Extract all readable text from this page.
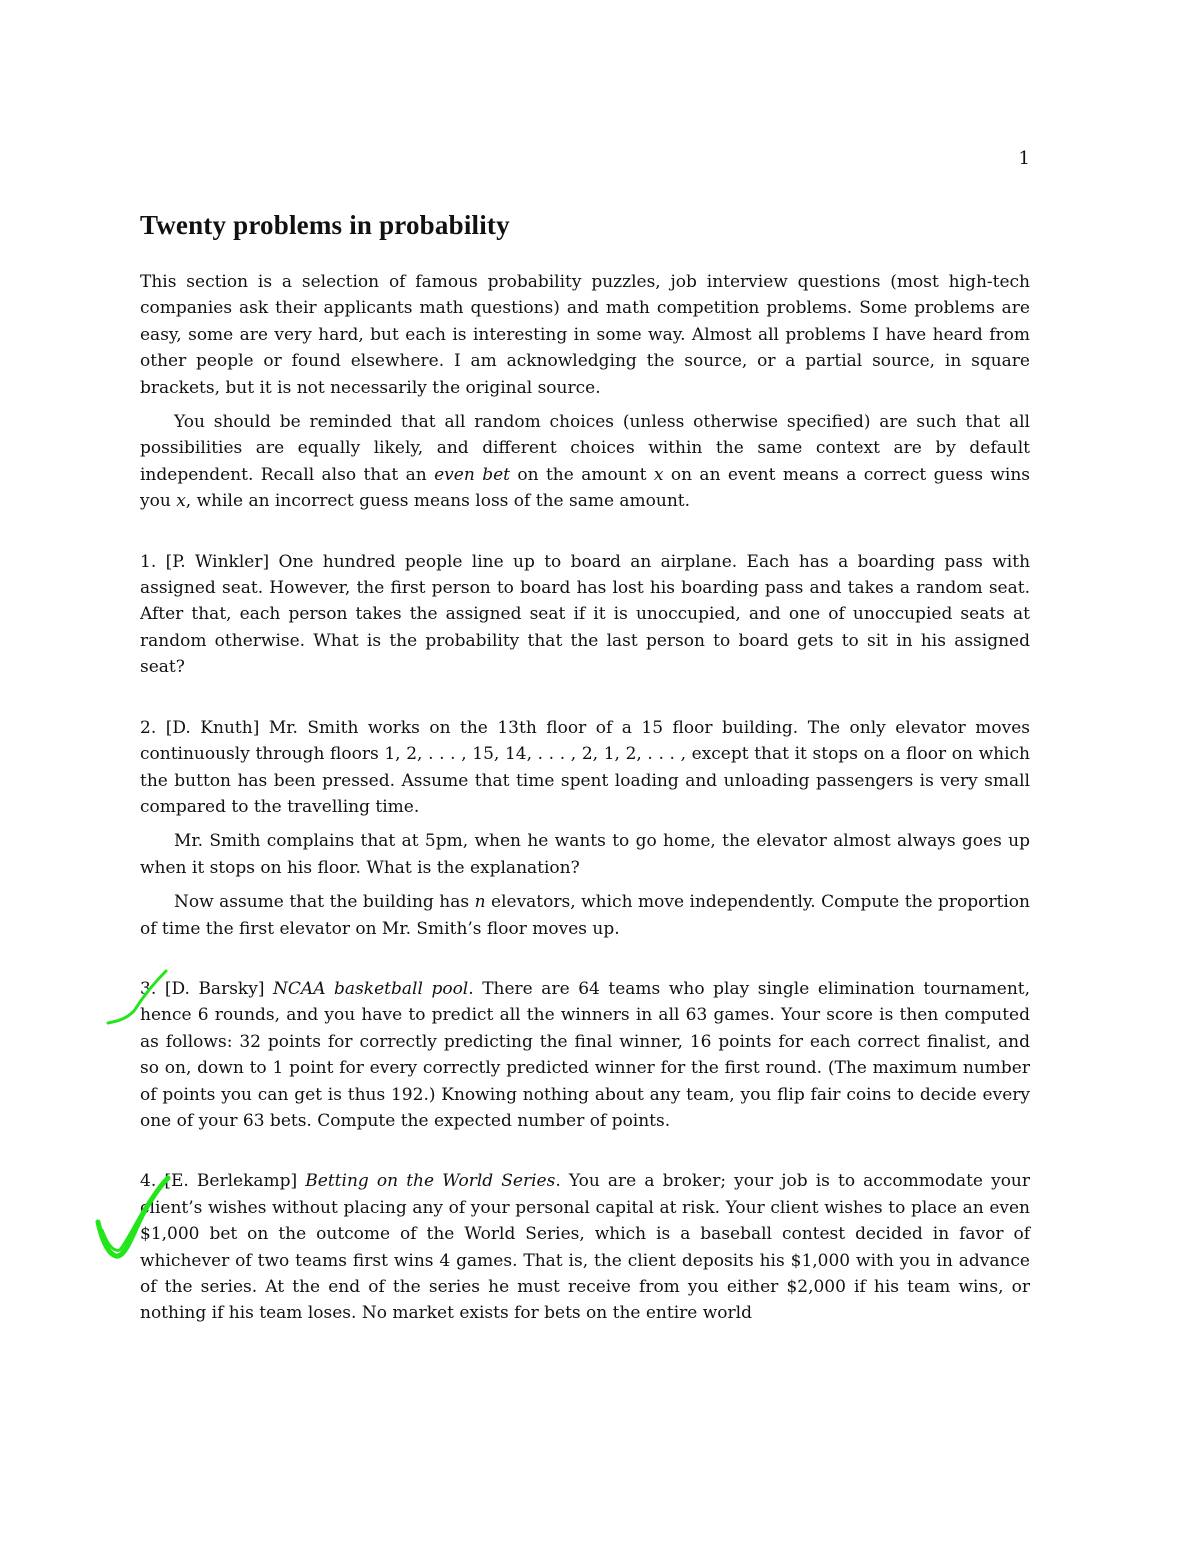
1
Twenty problems in probability

This section is a selection of famous probability puzzles, job interview questions (most high-tech companies ask their applicants math questions) and math competition problems. Some problems are easy, some are very hard, but each is interesting in some way. Almost all problems I have heard from other people or found elsewhere. I am acknowledging the source, or a partial source, in square brackets, but it is not necessarily the original source.

You should be reminded that all random choices (unless otherwise specified) are such that all possibilities are equally likely, and different choices within the same context are by default independent. Recall also that an even bet on the amount x on an event means a correct guess wins you x, while an incorrect guess means loss of the same amount.

1. [P. Winkler] One hundred people line up to board an airplane. Each has a boarding pass with assigned seat. However, the first person to board has lost his boarding pass and takes a random seat. After that, each person takes the assigned seat if it is unoccupied, and one of unoccupied seats at random otherwise. What is the probability that the last person to board gets to sit in his assigned seat?

2. [D. Knuth] Mr. Smith works on the 13th floor of a 15 floor building. The only elevator moves continuously through floors 1, 2, . . . , 15, 14, . . . , 2, 1, 2, . . . , except that it stops on a floor on which the button has been pressed. Assume that time spent loading and unloading passengers is very small compared to the travelling time.

Mr. Smith complains that at 5pm, when he wants to go home, the elevator almost always goes up when it stops on his floor. What is the explanation?

Now assume that the building has n elevators, which move independently. Compute the proportion of time the first elevator on Mr. Smith’s floor moves up.

3. [D. Barsky] NCAA basketball pool. There are 64 teams who play single elimination tournament, hence 6 rounds, and you have to predict all the winners in all 63 games. Your score is then computed as follows: 32 points for correctly predicting the final winner, 16 points for each correct finalist, and so on, down to 1 point for every correctly predicted winner for the first round. (The maximum number of points you can get is thus 192.) Knowing nothing about any team, you flip fair coins to decide every one of your 63 bets. Compute the expected number of points.

4. [E. Berlekamp] Betting on the World Series. You are a broker; your job is to accommodate your client’s wishes without placing any of your personal capital at risk. Your client wishes to place an even $1,000 bet on the outcome of the World Series, which is a baseball contest decided in favor of whichever of two teams first wins 4 games. That is, the client deposits his $1,000 with you in advance of the series. At the end of the series he must receive from you either $2,000 if his team wins, or nothing if his team loses. No market exists for bets on the entire world
